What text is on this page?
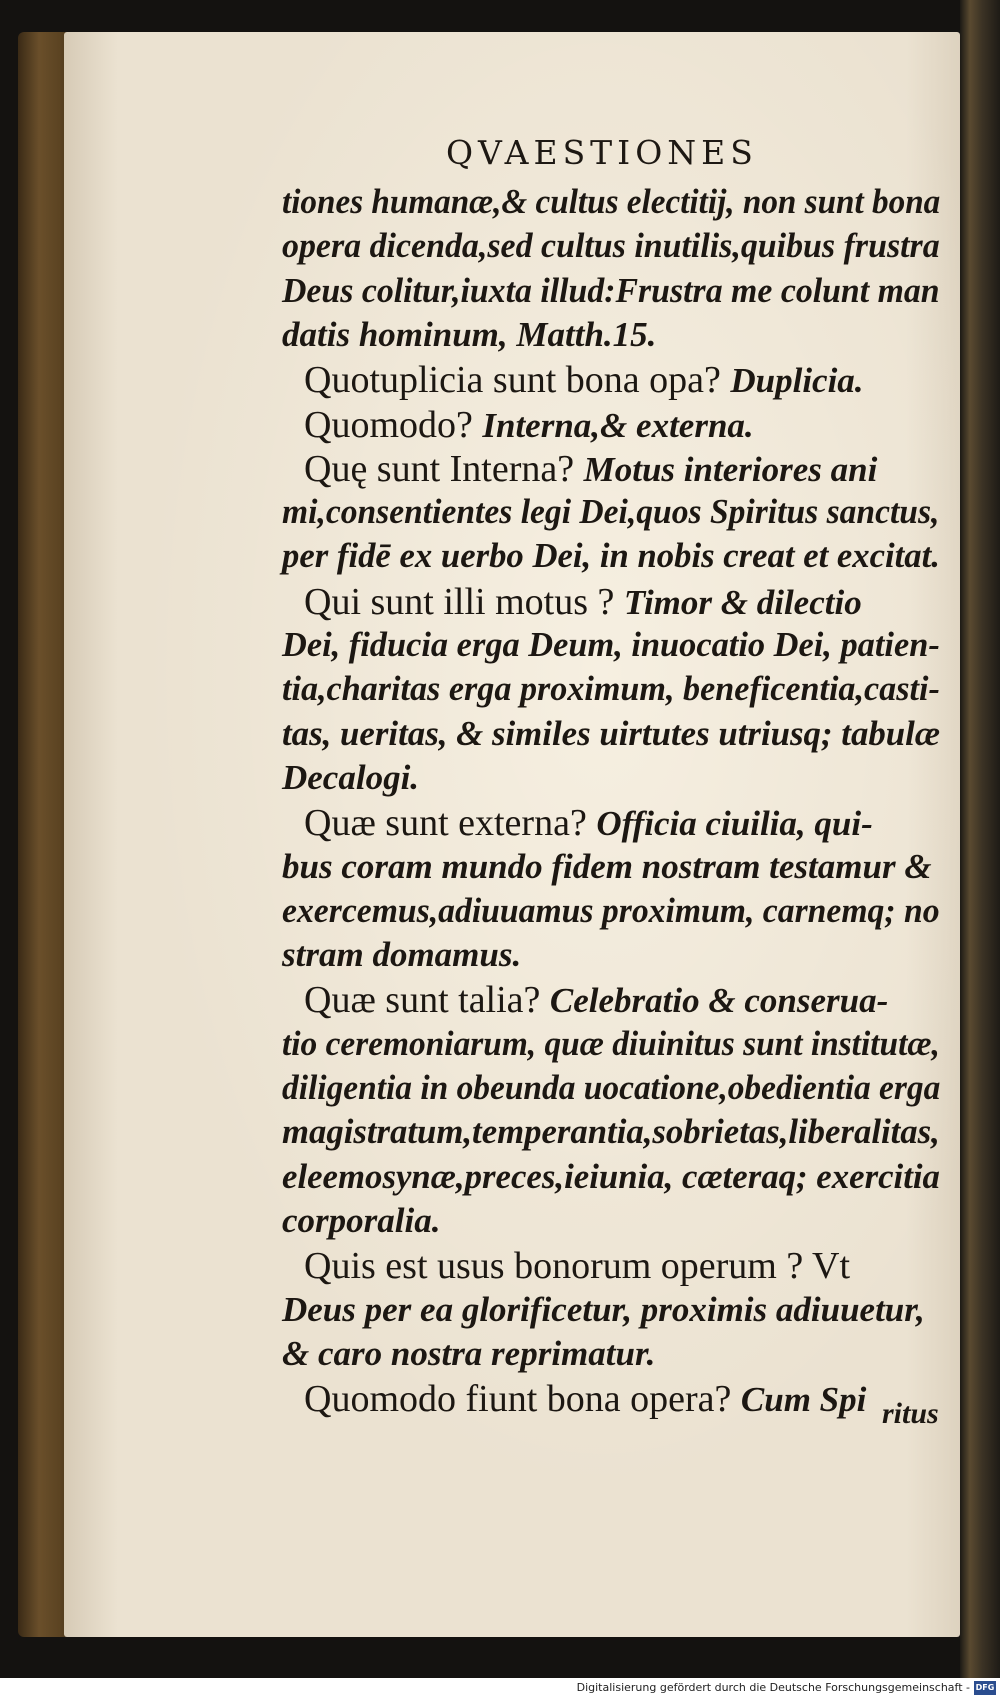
QVAESTIONES
tiones humanæ,& cultus electitij, non sunt bona
opera dicenda,sed cultus inutilis,quibus frustra
Deus colitur,iuxta illud:Frustra me colunt man
datis hominum, Matth.15.
Quotuplicia sunt bona opa? Duplicia.
Quomodo? Interna,& externa.
Quę sunt Interna? Motus interiores ani
mi,consentientes legi Dei,quos Spiritus sanctus,
per fidē ex uerbo Dei, in nobis creat et excitat.
Qui sunt illi motus ? Timor & dilectio
Dei, fiducia erga Deum, inuocatio Dei, patien-
tia,charitas erga proximum, beneficentia,casti-
tas, ueritas, & similes uirtutes utriusq; tabulæ
Decalogi.
Quæ sunt externa? Officia ciuilia, qui-
bus coram mundo fidem nostram testamur &
exercemus,adiuuamus proximum, carnemq; no
stram domamus.
Quæ sunt talia? Celebratio & conserua-
tio ceremoniarum, quæ diuinitus sunt institutæ,
diligentia in obeunda uocatione,obedientia erga
magistratum,temperantia,sobrietas,liberalitas,
eleemosynæ,preces,ieiunia, cæteraq; exercitia
corporalia.
Quis est usus bonorum operum ? Vt
Deus per ea glorificetur, proximis adiuuetur,
& caro nostra reprimatur.
Quomodo fiunt bona opera? Cum Spi ritus
Digitalisierung gefördert durch die Deutsche Forschungsgemeinschaft - DFG
